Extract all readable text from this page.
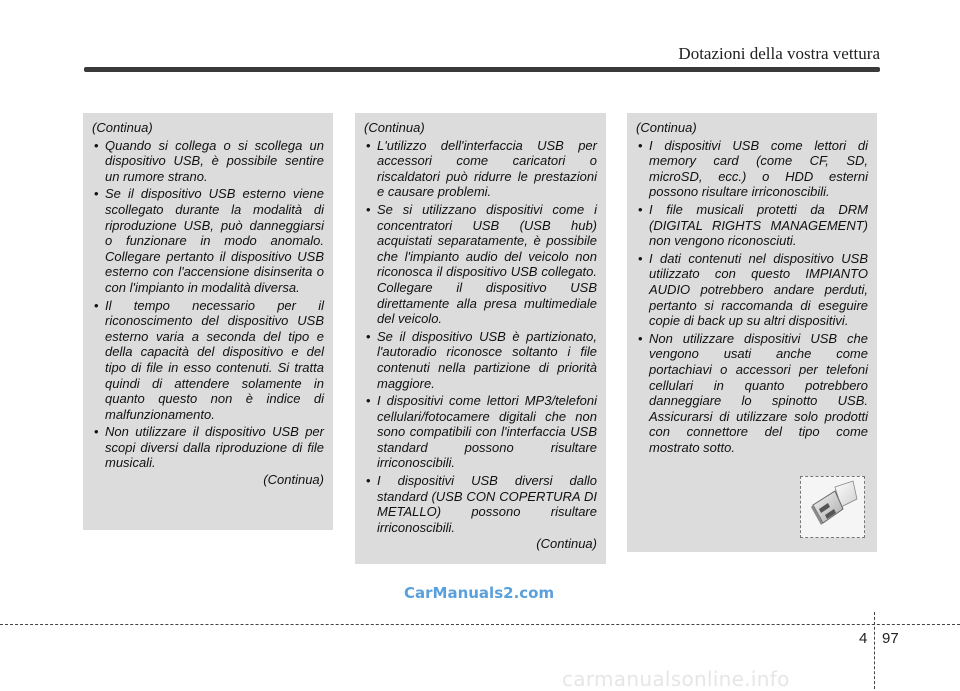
Dotazioni della vostra vettura

(Continua)

• Quando si collega o si scollega un dispositivo USB, è possibile sentire un rumore strano.
• Se il dispositivo USB esterno viene scollegato durante la modalità di riproduzione USB, può danneggiarsi o funzionare in modo anomalo. Collegare pertanto il dispositivo USB esterno con l'accensione disinserita o con l'impianto in modalità diversa.
• Il tempo necessario per il riconoscimento del dispositivo USB esterno varia a seconda del tipo e della capacità del dispositivo e del tipo di file in esso contenuti. Si tratta quindi di attendere solamente in quanto questo non è indice di malfunzionamento.
• Non utilizzare il dispositivo USB per scopi diversi dalla riproduzione di file musicali.

(Continua)

(Continua)

• L'utilizzo dell'interfaccia USB per accessori come caricatori o riscaldatori può ridurre le prestazioni e causare problemi.
• Se si utilizzano dispositivi come i concentratori USB (USB hub) acquistati separatamente, è possibile che l'impianto audio del veicolo non riconosca il dispositivo USB collegato. Collegare il dispositivo USB direttamente alla presa multimediale del veicolo.
• Se il dispositivo USB è partizionato, l'autoradio riconosce soltanto i file contenuti nella partizione di priorità maggiore.
• I dispositivi come lettori MP3/telefoni cellulari/fotocamere digitali che non sono compatibili con l'interfaccia USB standard possono risultare irriconoscibili.
• I dispositivi USB diversi dallo standard (USB CON COPERTURA DI METALLO) possono risultare irriconoscibili.

(Continua)

(Continua)

• I dispositivi USB come lettori di memory card (come CF, SD, microSD, ecc.) o HDD esterni possono risultare irriconoscibili.
• I file musicali protetti da DRM (DIGITAL RIGHTS MANAGEMENT) non vengono riconosciuti.
• I dati contenuti nel dispositivo USB utilizzato con questo IMPIANTO AUDIO potrebbero andare perduti, pertanto si raccomanda di eseguire copie di back up su altri dispositivi.
• Non utilizzare dispositivi USB che vengono usati anche come portachiavi o accessori per telefoni cellulari in quanto potrebbero danneggiare lo spinotto USB. Assicurarsi di utilizzare solo prodotti con connettore del tipo come mostrato sotto.
CarManuals2.com
4 97
carmanualsonline.info
